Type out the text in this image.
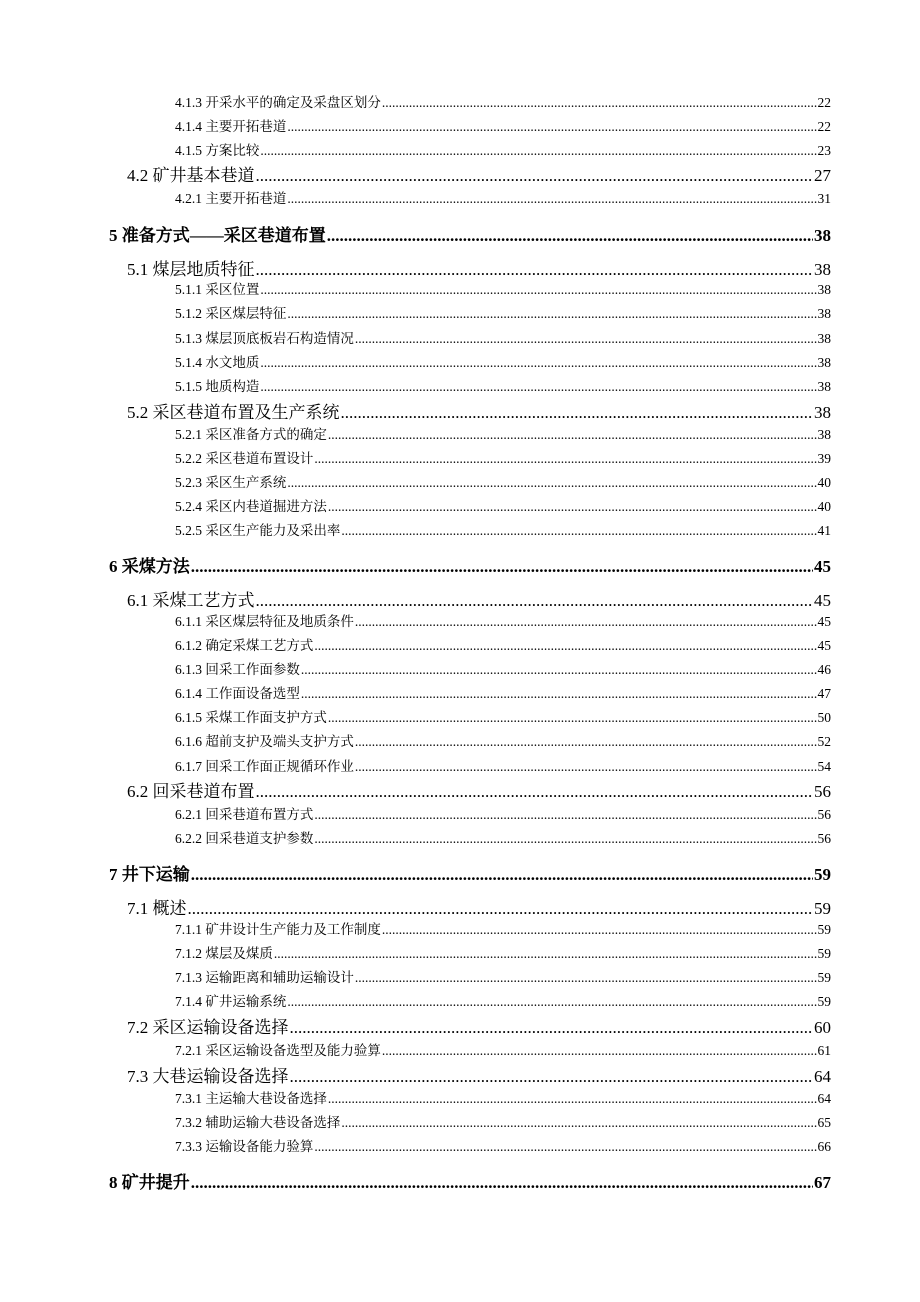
4.1.3 开采水平的确定及采盘区划分 .....	22
4.1.4 主要开拓巷道 .....	22
4.1.5 方案比较 .....	23
4.2 矿井基本巷道 .....	27
4.2.1 主要开拓巷道 .....	31
5 准备方式——采区巷道布置 .....	38
5.1 煤层地质特征 .....	38
5.1.1 采区位置 .....	38
5.1.2 采区煤层特征 .....	38
5.1.3 煤层顶底板岩石构造情况 .....	38
5.1.4 水文地质 .....	38
5.1.5 地质构造 .....	38
5.2 采区巷道布置及生产系统 .....	38
5.2.1 采区准备方式的确定 .....	38
5.2.2 采区巷道布置设计 .....	39
5.2.3 采区生产系统 .....	40
5.2.4 采区内巷道掘进方法 .....	40
5.2.5 采区生产能力及采出率 .....	41
6 采煤方法 .....	45
6.1 采煤工艺方式 .....	45
6.1.1 采区煤层特征及地质条件 .....	45
6.1.2 确定采煤工艺方式 .....	45
6.1.3 回采工作面参数 .....	46
6.1.4 工作面设备选型 .....	47
6.1.5 采煤工作面支护方式 .....	50
6.1.6 超前支护及端头支护方式 .....	52
6.1.7 回采工作面正规循环作业 .....	54
6.2 回采巷道布置 .....	56
6.2.1 回采巷道布置方式 .....	56
6.2.2 回采巷道支护参数 .....	56
7 井下运输 .....	59
7.1 概述 .....	59
7.1.1 矿井设计生产能力及工作制度 .....	59
7.1.2 煤层及煤质 .....	59
7.1.3 运输距离和辅助运输设计 .....	59
7.1.4 矿井运输系统 .....	59
7.2 采区运输设备选择 .....	60
7.2.1 采区运输设备选型及能力验算 .....	61
7.3 大巷运输设备选择 .....	64
7.3.1 主运输大巷设备选择 .....	64
7.3.2 辅助运输大巷设备选择 .....	65
7.3.3 运输设备能力验算 .....	66
8 矿井提升 .....	67
